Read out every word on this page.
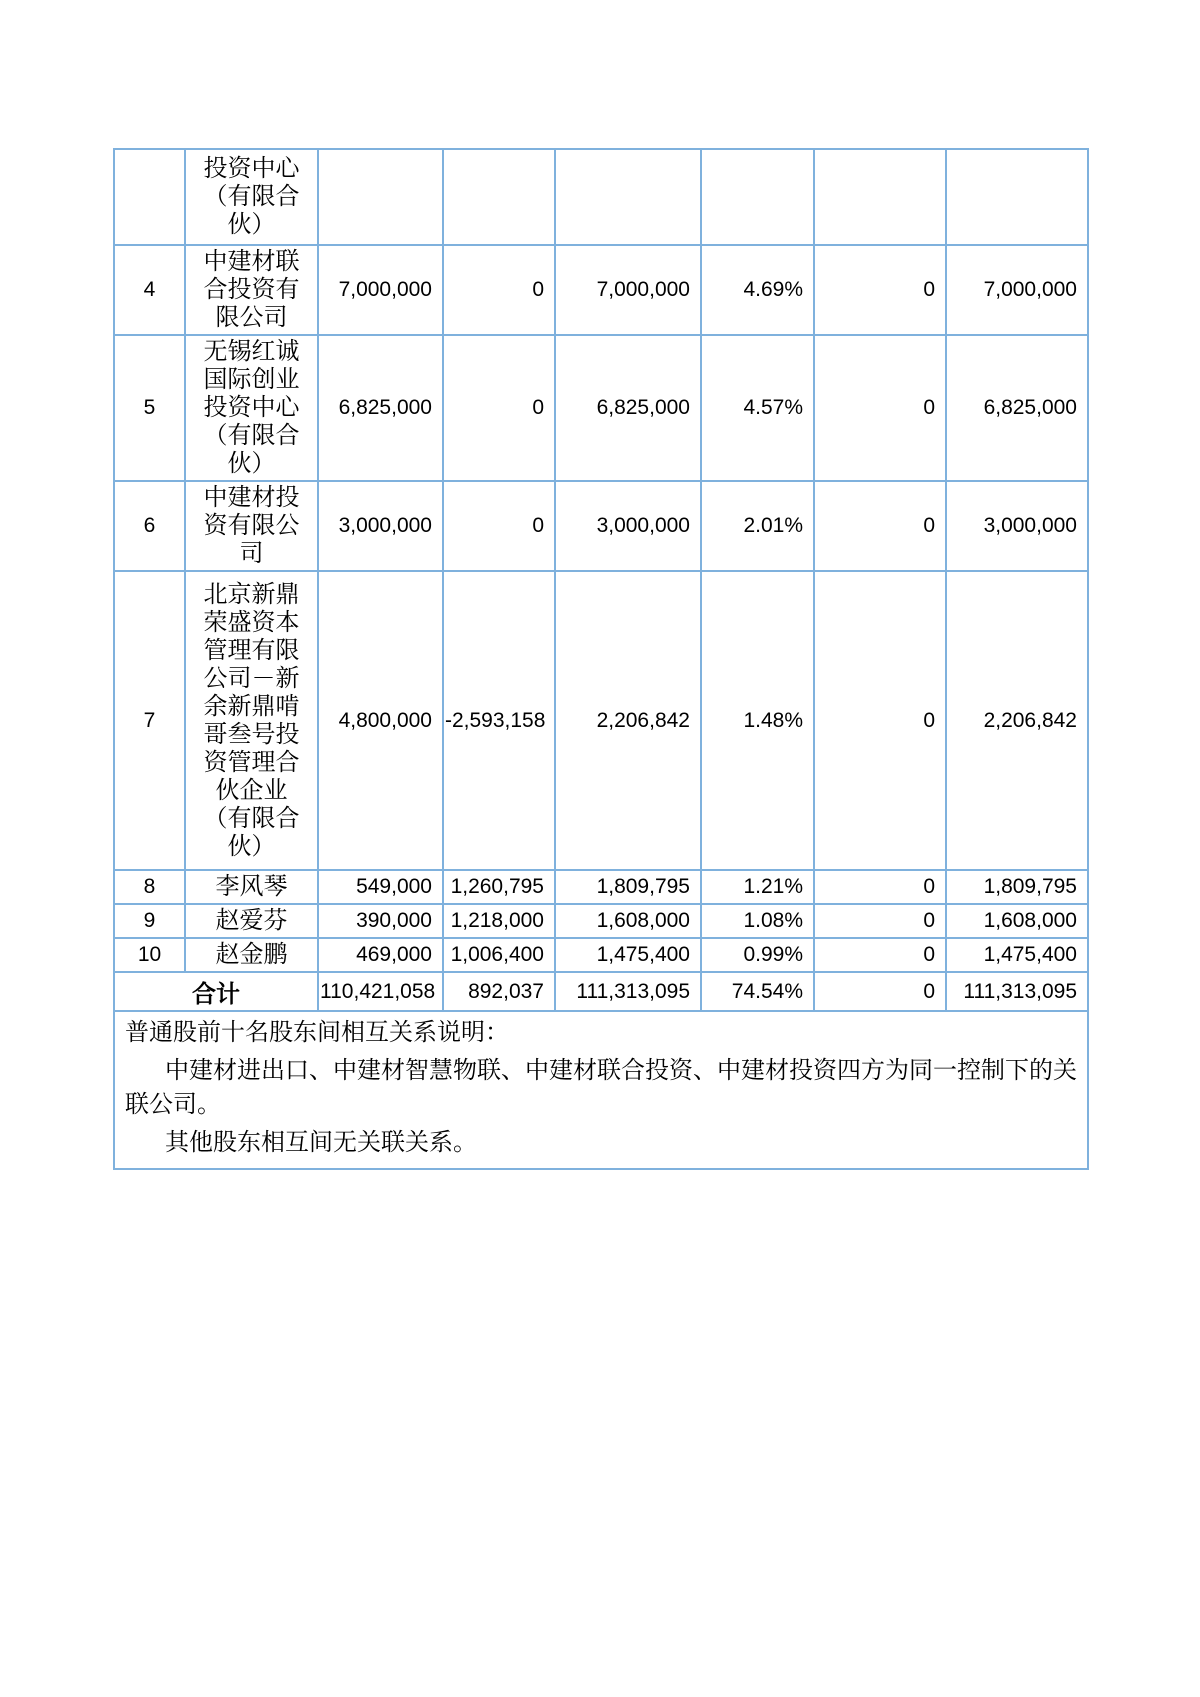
	投资中心（有限合伙）						
4	中建材联合投资有限公司	7,000,000	0	7,000,000	4.69%	0	7,000,000
5	无锡红诚国际创业投资中心（有限合伙）	6,825,000	0	6,825,000	4.57%	0	6,825,000
6	中建材投资有限公司	3,000,000	0	3,000,000	2.01%	0	3,000,000
7	北京新鼎荣盛资本管理有限公司－新余新鼎啃哥叁号投资管理合伙企业（有限合伙）	4,800,000	-2,593,158	2,206,842	1.48%	0	2,206,842
8	李风琴	549,000	1,260,795	1,809,795	1.21%	0	1,809,795
9	赵爱芬	390,000	1,218,000	1,608,000	1.08%	0	1,608,000
10	赵金鹏	469,000	1,006,400	1,475,400	0.99%	0	1,475,400
合计		110,421,058	892,037	111,313,095	74.54%	0	111,313,095

普通股前十名股东间相互关系说明：

中建材进出口、中建材智慧物联、中建材联合投资、中建材投资四方为同一控制下的关联公司。

其他股东相互间无关联关系。							
